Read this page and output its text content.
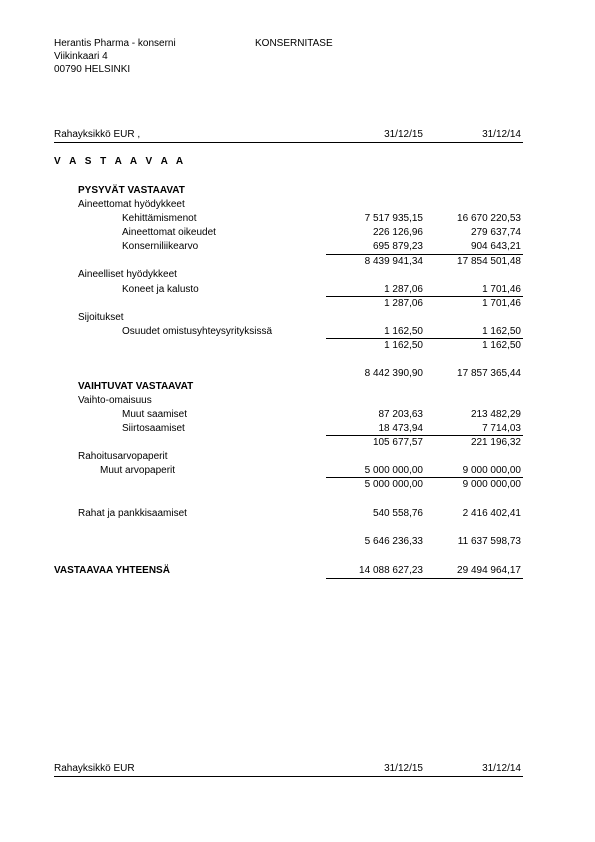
Herantis Pharma - konserni	KONSERNITASE
Viikinkaari 4
00790 HELSINKI
Rahayksikkö EUR ,	31/12/15	31/12/14
V A S T A A V A A
PYSYVÄT VASTAAVAT
Aineettomat hyödykkeet
Kehittämismenot	7 517 935,15	16 670 220,53
Aineettomat oikeudet	226 126,96	279 637,74
Konserniliikearvo	695 879,23	904 643,21
8 439 941,34	17 854 501,48
Aineelliset hyödykkeet
Koneet ja kalusto	1 287,06	1 701,46
1 287,06	1 701,46
Sijoitukset
Osuudet omistusyhteysyrityksissä	1 162,50	1 162,50
1 162,50	1 162,50
8 442 390,90	17 857 365,44
VAIHTUVAT VASTAAVAT
Vaihto-omaisuus
Muut saamiset	87 203,63	213 482,29
Siirtosaamiset	18 473,94	7 714,03
105 677,57	221 196,32
Rahoitusarvopaperit
Muut arvopaperit	5 000 000,00	9 000 000,00
5 000 000,00	9 000 000,00
Rahat ja pankkisaamiset	540 558,76	2 416 402,41
5 646 236,33	11 637 598,73
VASTAAVAA YHTEENSÄ	14 088 627,23	29 494 964,17
Rahayksikkö EUR	31/12/15	31/12/14
